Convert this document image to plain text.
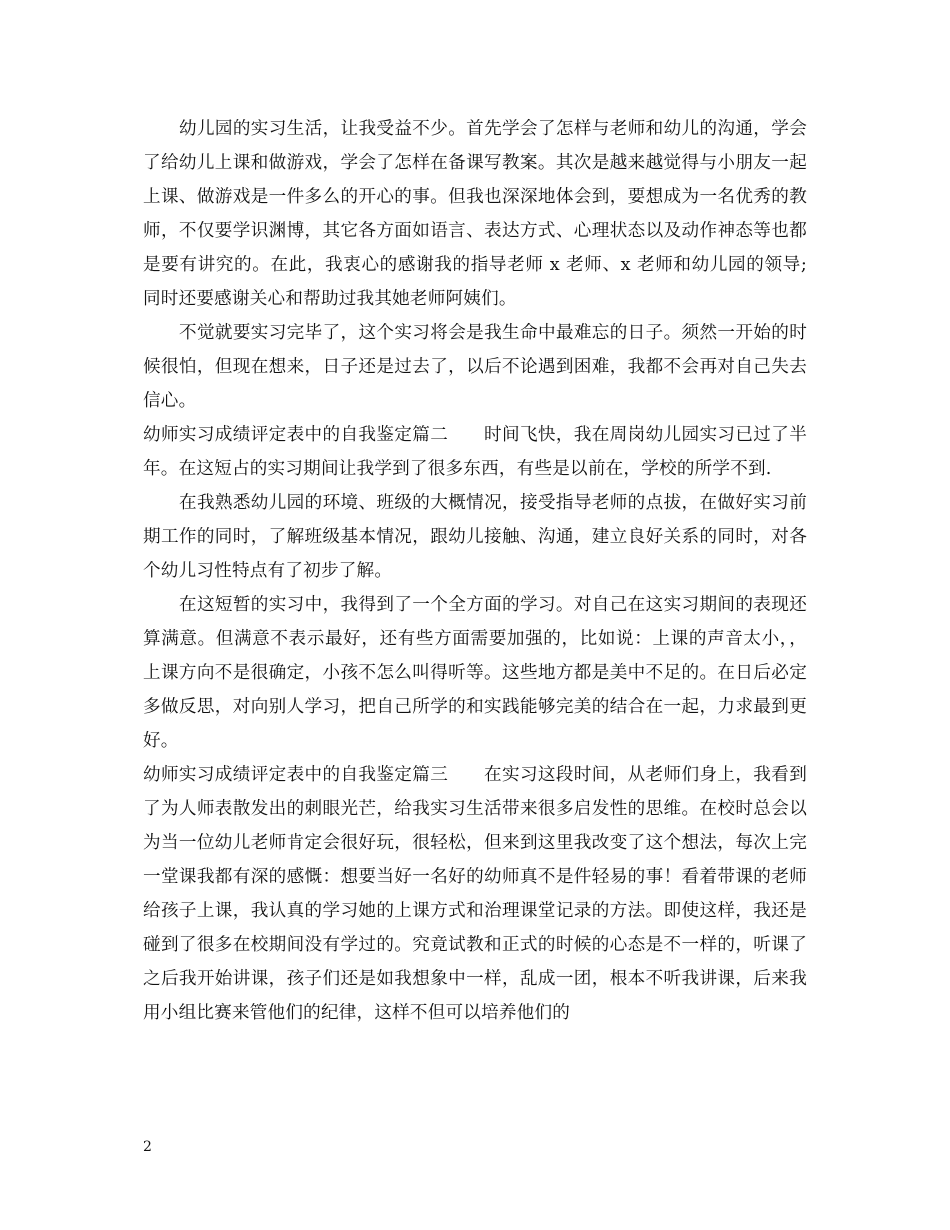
幼儿园的实习生活，让我受益不少。首先学会了怎样与老师和幼儿的沟通，学会了给幼儿上课和做游戏，学会了怎样在备课写教案。其次是越来越觉得与小朋友一起上课、做游戏是一件多么的开心的事。但我也深深地体会到，要想成为一名优秀的教师，不仅要学识渊博，其它各方面如语言、表达方式、心理状态以及动作神态等也都是要有讲究的。在此，我衷心的感谢我的指导老师 x 老师、x 老师和幼儿园的领导;同时还要感谢关心和帮助过我其她老师阿姨们。

不觉就要实习完毕了，这个实习将会是我生命中最难忘的日子。须然一开始的时候很怕，但现在想来，日子还是过去了，以后不论遇到困难，我都不会再对自己失去信心。

幼师实习成绩评定表中的自我鉴定篇二　　时间飞快，我在周岗幼儿园实习已过了半年。在这短占的实习期间让我学到了很多东西，有些是以前在，学校的所学不到.

在我熟悉幼儿园的环境、班级的大概情况，接受指导老师的点拔，在做好实习前期工作的同时，了解班级基本情况，跟幼儿接触、沟通，建立良好关系的同时，对各个幼儿习性特点有了初步了解。

在这短暂的实习中，我得到了一个全方面的学习。对自己在这实习期间的表现还算满意。但满意不表示最好，还有些方面需要加强的，比如说：上课的声音太小，，上课方向不是很确定，小孩不怎么叫得听等。这些地方都是美中不足的。在日后必定多做反思，对向别人学习，把自己所学的和实践能够完美的结合在一起，力求最到更好。

幼师实习成绩评定表中的自我鉴定篇三　　在实习这段时间，从老师们身上，我看到了为人师表散发出的刺眼光芒，给我实习生活带来很多启发性的思维。在校时总会以为当一位幼儿老师肯定会很好玩，很轻松，但来到这里我改变了这个想法，每次上完一堂课我都有深的感慨：想要当好一名好的幼师真不是件轻易的事！看着带课的老师给孩子上课，我认真的学习她的上课方式和治理课堂记录的方法。即使这样，我还是碰到了很多在校期间没有学过的。究竟试教和正式的时候的心态是不一样的，听课了之后我开始讲课，孩子们还是如我想象中一样，乱成一团，根本不听我讲课，后来我用小组比赛来管他们的纪律，这样不但可以培养他们的

2
